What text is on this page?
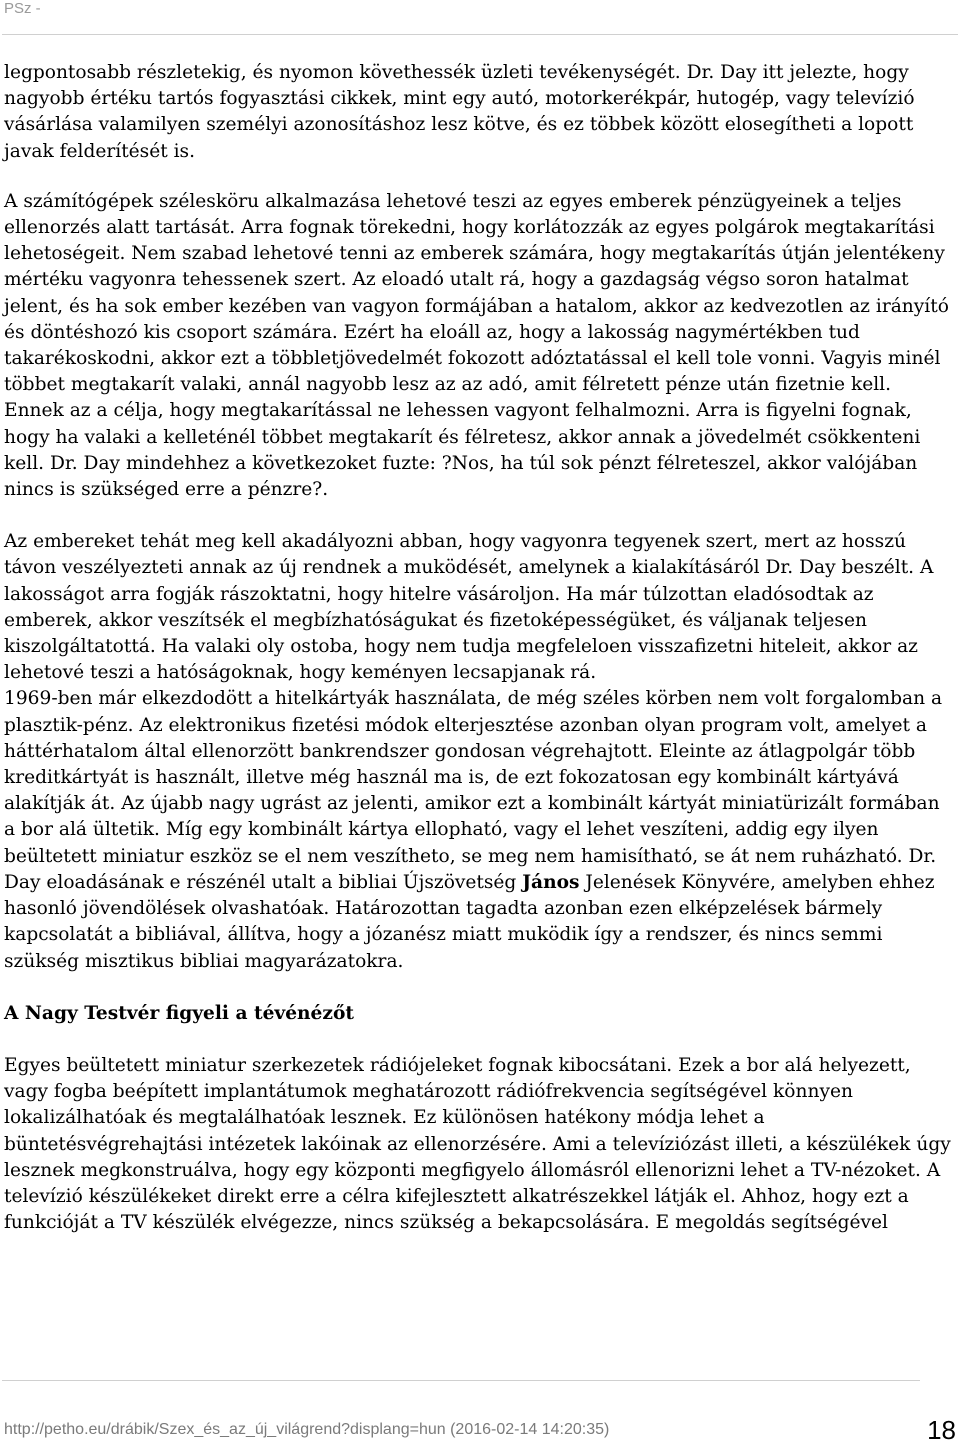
PSz -

legpontosabb részletekig, és nyomon követhessék üzleti tevékenységét. Dr. Day itt jelezte, hogy nagyobb értéku tartós fogyasztási cikkek, mint egy autó, motorkerékpár, hutogép, vagy televízió vásárlása valamilyen személyi azonosításhoz lesz kötve, és ez többek között elosegítheti a lopott javak felderítését is.

A számítógépek szélesköru alkalmazása lehetové teszi az egyes emberek pénzügyeinek a teljes ellenorzés alatt tartását. Arra fognak törekedni, hogy korlátozzák az egyes polgárok megtakarítási lehetoségeit. Nem szabad lehetové tenni az emberek számára, hogy megtakarítás útján jelentékeny mértéku vagyonra tehessenek szert. Az eloadó utalt rá, hogy a gazdagság végso soron hatalmat jelent, és ha sok ember kezében van vagyon formájában a hatalom, akkor az kedvezotlen az irányító és döntéshozó kis csoport számára. Ezért ha eloáll az, hogy a lakosság nagymértékben tud takarékoskodni, akkor ezt a többletjövedelmét fokozott adóztatással el kell tole vonni. Vagyis minél többet megtakarít valaki, annál nagyobb lesz az az adó, amit félretett pénze után fizetnie kell. Ennek az a célja, hogy megtakarítással ne lehessen vagyont felhalmozni. Arra is figyelni fognak, hogy ha valaki a kelleténél többet megtakarít és félretesz, akkor annak a jövedelmét csökkenteni kell. Dr. Day mindehhez a következoket fuzte: ?Nos, ha túl sok pénzt félreteszel, akkor valójában nincs is szükséged erre a pénzre?.

Az embereket tehát meg kell akadályozni abban, hogy vagyonra tegyenek szert, mert az hosszú távon veszélyezteti annak az új rendnek a muködését, amelynek a kialakításáról Dr. Day beszélt. A lakosságot arra fogják rászoktatni, hogy hitelre vásároljon. Ha már túlzottan eladósodtak az emberek, akkor veszítsék el megbízhatóságukat és fizetoképességüket, és váljanak teljesen kiszolgáltatottá. Ha valaki oly ostoba, hogy nem tudja megfeleloen visszafizetni hiteleit, akkor az lehetové teszi a hatóságoknak, hogy keményen lecsapjanak rá.

1969-ben már elkezdodött a hitelkártyák használata, de még széles körben nem volt forgalomban a plasztik-pénz. Az elektronikus fizetési módok elterjesztése azonban olyan program volt, amelyet a háttérhatalom által ellenorzött bankrendszer gondosan végrehajtott. Eleinte az átlagpolgár több kreditkártyát is használt, illetve még használ ma is, de ezt fokozatosan egy kombinált kártyává alakítják át. Az újabb nagy ugrást az jelenti, amikor ezt a kombinált kártyát miniatürizált formában a bor alá ültetik. Míg egy kombinált kártya ellopható, vagy el lehet veszíteni, addig egy ilyen beültetett miniatur eszköz se el nem veszítheto, se meg nem hamisítható, se át nem ruházható. Dr. Day eloadásának e részénél utalt a bibliai Újszövetség János Jelenések Könyvére, amelyben ehhez hasonló jövendölések olvashatóak. Határozottan tagadta azonban ezen elképzelések bármely kapcsolatát a bibliával, állítva, hogy a józanész miatt muködik így a rendszer, és nincs semmi szükség misztikus bibliai magyarázatokra.

A Nagy Testvér figyeli a tévénézőt

Egyes beültetett miniatur szerkezetek rádiójeleket fognak kibocsátani. Ezek a bor alá helyezett, vagy fogba beépített implantátumok meghatározott rádiófrekvencia segítségével könnyen lokalizálhatóak és megtalálhatóak lesznek. Ez különösen hatékony módja lehet a büntetésvégrehajtási intézetek lakóinak az ellenorzésére. Ami a televíziózást illeti, a készülékek úgy lesznek megkonstruálva, hogy egy központi megfigyelo állomásról ellenorizni lehet a TV-nézoket. A televízió készülékeket direkt erre a célra kifejlesztett alkatrészekkel látják el. Ahhoz, hogy ezt a funkcióját a TV készülék elvégezze, nincs szükség a bekapcsolására. E megoldás segítségével

http://petho.eu/drábik/Szex_és_az_új_világrend?displang=hun (2016-02-14 14:20:35)	18
